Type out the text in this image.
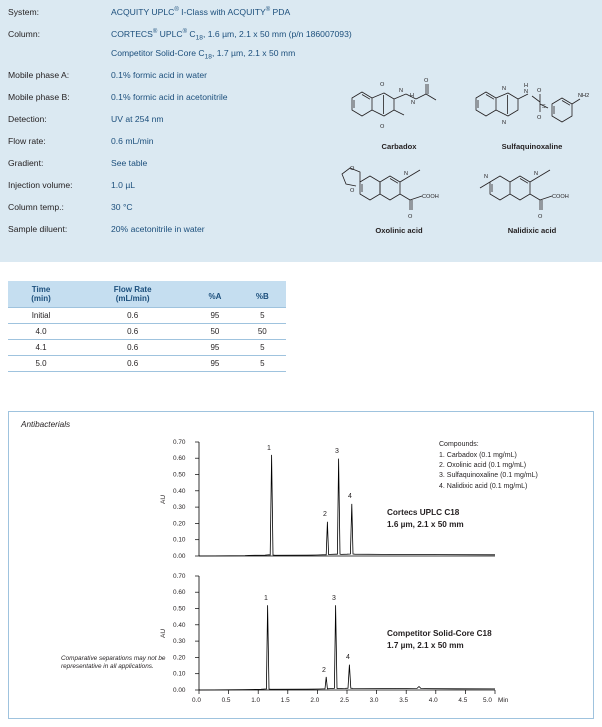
System:	ACQUITY UPLC® I-Class with ACQUITY® PDA
Column:	CORTECS® UPLC® $C_{18}$, 1.6 µm, 2.1 x 50 mm (p/n 186007093)
Competitor Solid-Core $C_{18}$, 1.7 µm, 2.1 x 50 mm
Mobile phase A:	0.1% formic acid in water
Mobile phase B:	0.1% formic acid in acetonitrile
Detection:	UV at 254 nm
Flow rate:	0.6 mL/min
Gradient:	See table
Injection volume:	1.0 µL
Column temp.:	30 °C
Sample diluent:	20% acetonitrile in water
O
O
N
N
H
O
Carbadox
N
H
O
O
S
NH2
N
N
Sulfaquinoxaline
O
O
N
O
COOH
Oxolinic acid
N	N
O
COOH
Nalidixic acid
Time	Flow Rate	%A	%B
(min)	(mL/min)		
Initial	0.6	95	5
4.0	0.6	50	50
4.1	0.6	95	5
5.0	0.6	95	5
Antibacterials
Compounds:
1. Carbadox (0.1 mg/mL)
2. Oxolinic acid (0.1 mg/mL)
3. Sulfaquinoxaline (0.1 mg/mL)
4. Nalidixic acid (0.1 mg/mL)
Comparative separations may not be representative in all applications.
Cortecs UPLC C18
1.6 µm, 2.1 x 50 mm
Competitor Solid-Core C18
1.7 µm, 2.1 x 50 mm
0.00
0.10
0.20
0.30
0.40
0.50
0.60
0.70
AU
1
2
3
4
0.00
0.10
0.20
0.30
0.40
0.50
0.60
0.70
AU
1
2
3
4
0.0	0.5	1.0	1.5	2.0	2.5	3.0	3.5	4.0	4.5 5.0 Min
